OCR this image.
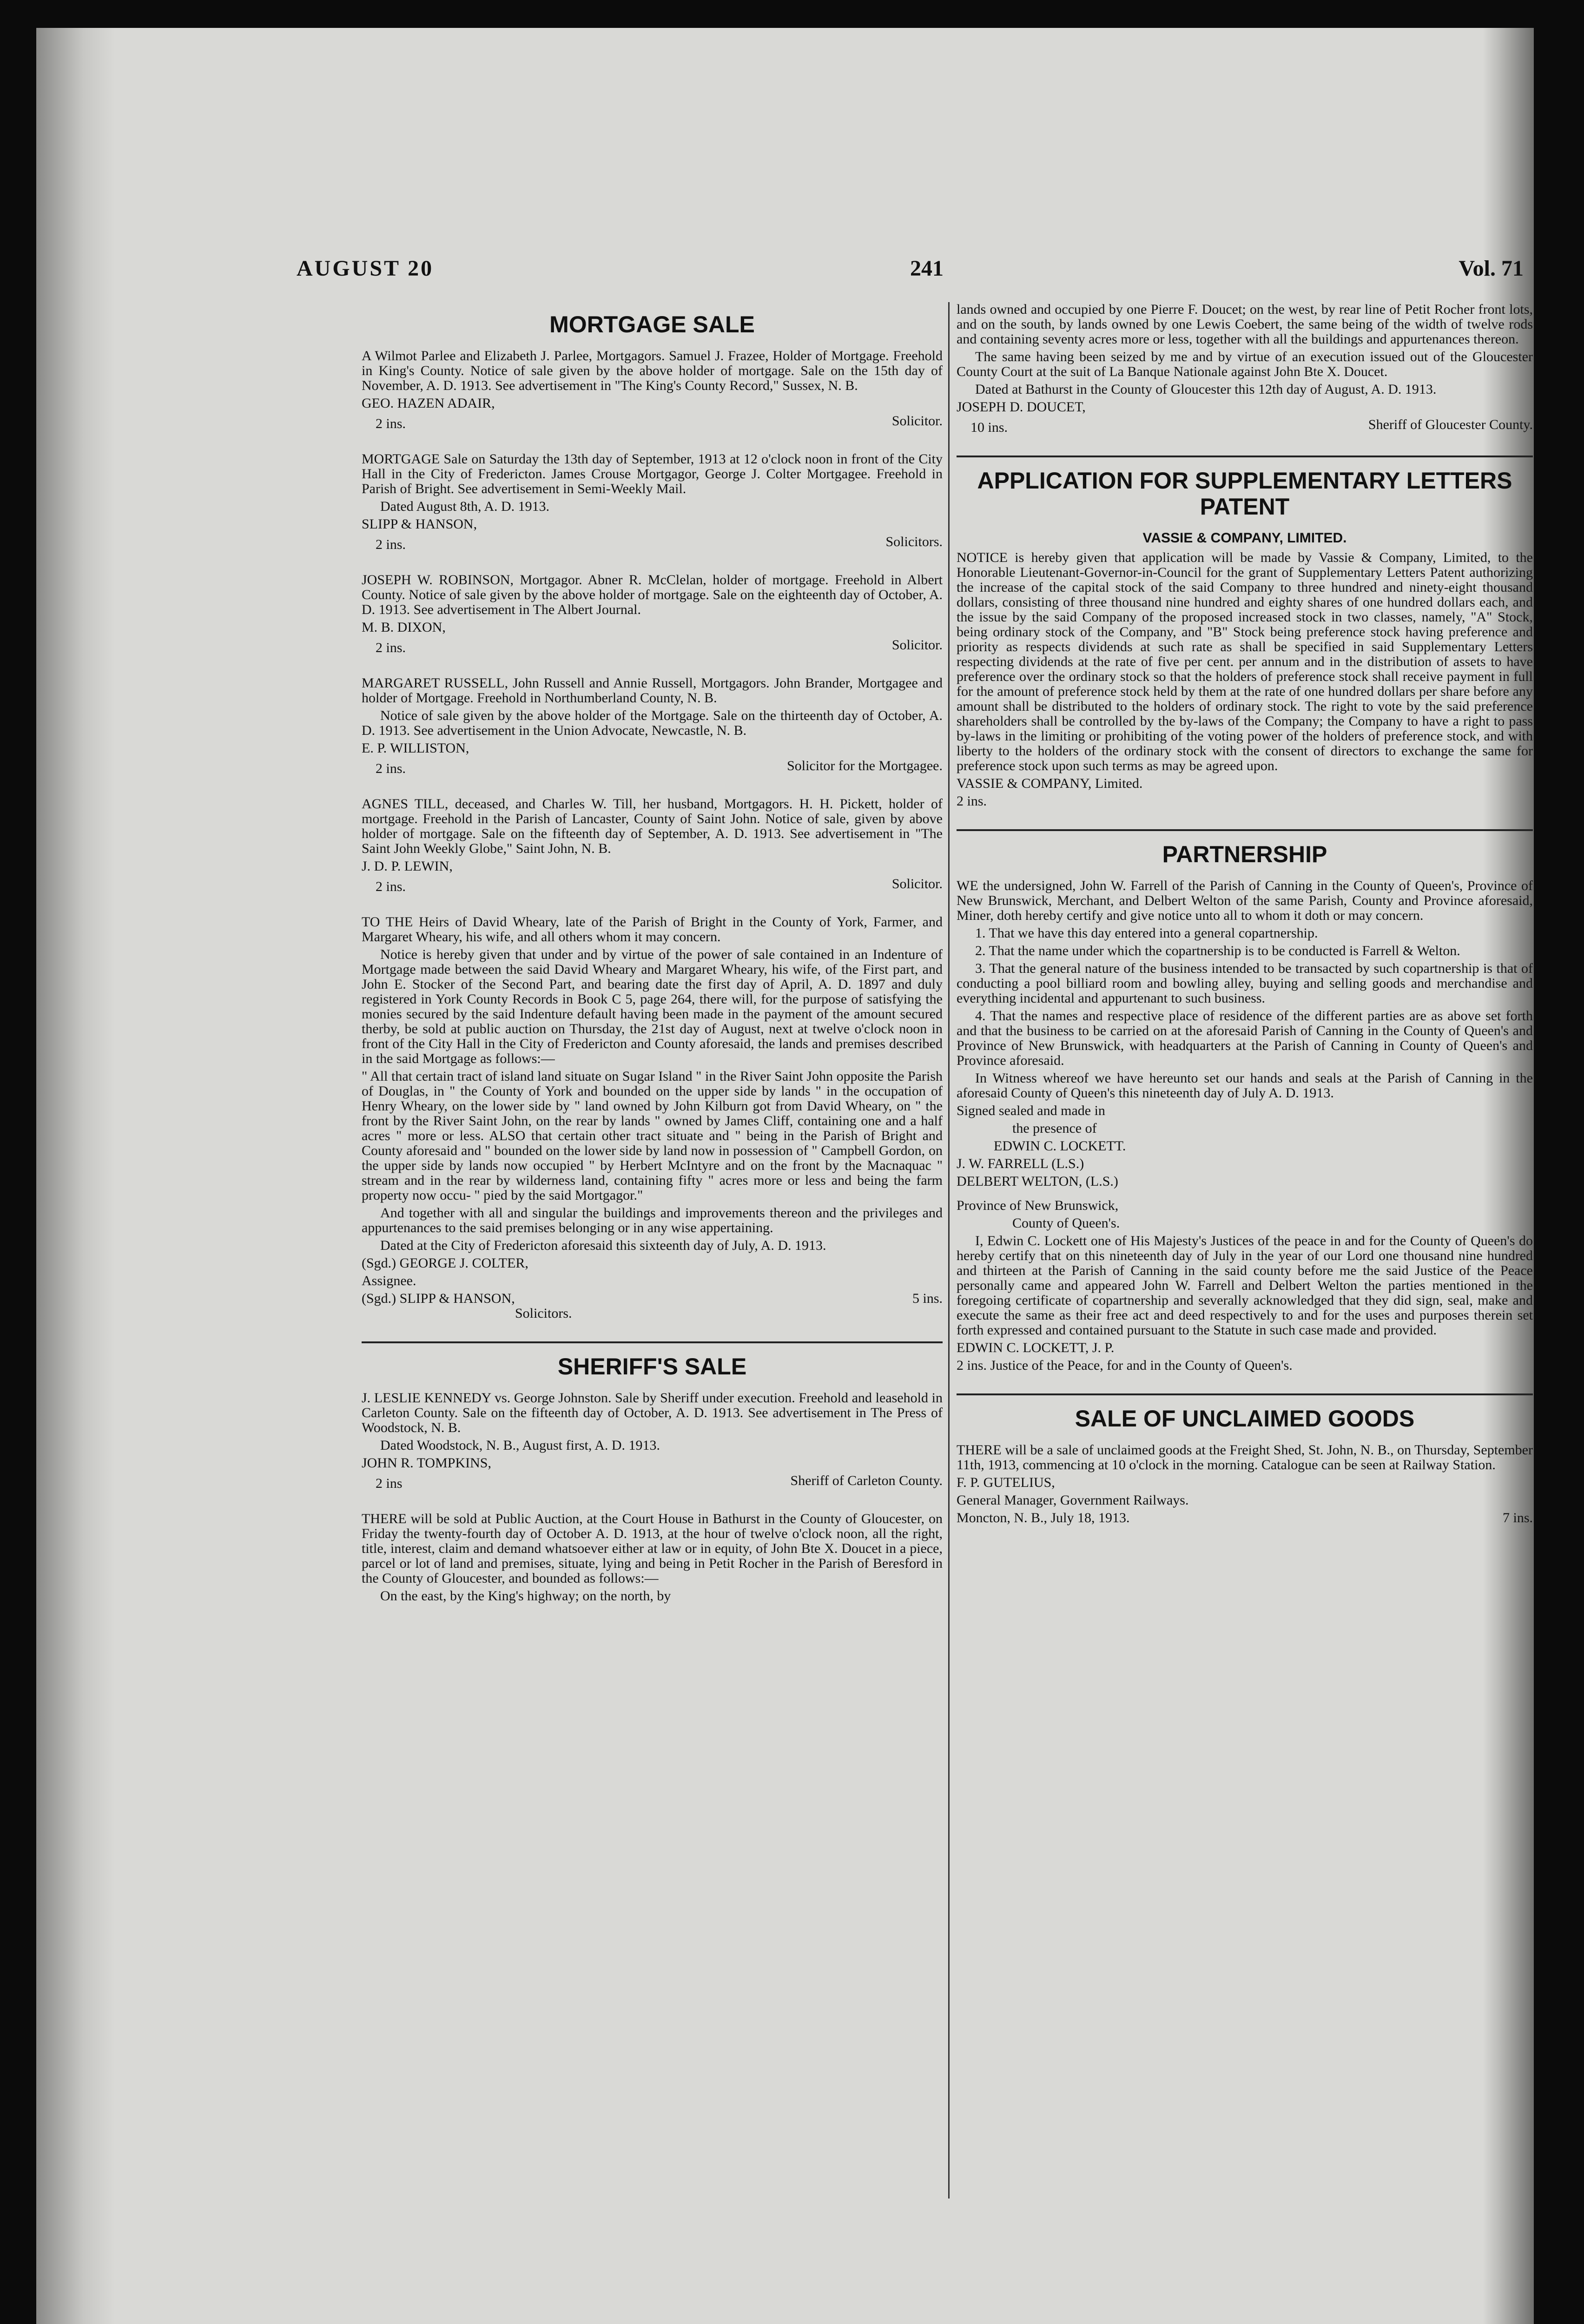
AUGUST 20	241	Vol. 71
MORTGAGE SALE

A Wilmot Parlee and Elizabeth J. Parlee, Mortgagors. Samuel J. Frazee, Holder of Mortgage. Freehold in King's County. Notice of sale given by the above holder of mortgage. Sale on the 15th day of November, A. D. 1913. See advertisement in "The King's County Record," Sussex, N. B.

GEO. HAZEN ADAIR,

2 ins.	Solicitor.

MORTGAGE Sale on Saturday the 13th day of September, 1913 at 12 o'clock noon in front of the City Hall in the City of Fredericton. James Crouse Mortgagor, George J. Colter Mortgagee. Freehold in Parish of Bright. See advertisement in Semi-Weekly Mail.

Dated August 8th, A. D. 1913.

SLIPP & HANSON,

2 ins.	Solicitors.

JOSEPH W. ROBINSON, Mortgagor. Abner R. McClelan, holder of mortgage. Freehold in Albert County. Notice of sale given by the above holder of mortgage. Sale on the eighteenth day of October, A. D. 1913. See advertisement in The Albert Journal.

M. B. DIXON,

2 ins.	Solicitor.

MARGARET RUSSELL, John Russell and Annie Russell, Mortgagors. John Brander, Mortgagee and holder of Mortgage. Freehold in Northumberland County, N. B.

Notice of sale given by the above holder of the Mortgage. Sale on the thirteenth day of October, A. D. 1913. See advertisement in the Union Advocate, Newcastle, N. B.

E. P. WILLISTON,

2 ins.	Solicitor for the Mortgagee.

AGNES TILL, deceased, and Charles W. Till, her husband, Mortgagors. H. H. Pickett, holder of mortgage. Freehold in the Parish of Lancaster, County of Saint John. Notice of sale, given by above holder of mortgage. Sale on the fifteenth day of September, A. D. 1913. See advertisement in "The Saint John Weekly Globe," Saint John, N. B.

J. D. P. LEWIN,

2 ins.	Solicitor.

TO THE Heirs of David Wheary, late of the Parish of Bright in the County of York, Farmer, and Margaret Wheary, his wife, and all others whom it may concern.

Notice is hereby given that under and by virtue of the power of sale contained in an Indenture of Mortgage made between the said David Wheary and Margaret Wheary, his wife, of the First part, and John E. Stocker of the Second Part, and bearing date the first day of April, A. D. 1897 and duly registered in York County Records in Book C 5, page 264, there will, for the purpose of satisfying the monies secured by the said Indenture default having been made in the payment of the amount secured therby, be sold at public auction on Thursday, the 21st day of August, next at twelve o'clock noon in front of the City Hall in the City of Fredericton and County aforesaid, the lands and premises described in the said Mortgage as follows:—

" All that certain tract of island land situate on Sugar Island " in the River Saint John opposite the Parish of Douglas, in " the County of York and bounded on the upper side by lands " in the occupation of Henry Wheary, on the lower side by " land owned by John Kilburn got from David Wheary, on " the front by the River Saint John, on the rear by lands " owned by James Cliff, containing one and a half acres " more or less. ALSO that certain other tract situate and " being in the Parish of Bright and County aforesaid and " bounded on the lower side by land now in possession of " Campbell Gordon, on the upper side by lands now occupied " by Herbert McIntyre and on the front by the Macnaquac " stream and in the rear by wilderness land, containing fifty " acres more or less and being the farm property now occu- " pied by the said Mortgagor."

And together with all and singular the buildings and improvements thereon and the privileges and appurtenances to the said premises belonging or in any wise appertaining.

Dated at the City of Fredericton aforesaid this sixteenth day of July, A. D. 1913.

(Sgd.) GEORGE J. COLTER,

Assignee.

(Sgd.) SLIPP & HANSON,	5 ins.

Solicitors.

SHERIFF'S SALE

J. LESLIE KENNEDY vs. George Johnston. Sale by Sheriff under execution. Freehold and leasehold in Carleton County. Sale on the fifteenth day of October, A. D. 1913. See advertisement in The Press of Woodstock, N. B.

Dated Woodstock, N. B., August first, A. D. 1913.

JOHN R. TOMPKINS,

2 ins	Sheriff of Carleton County.

THERE will be sold at Public Auction, at the Court House in Bathurst in the County of Gloucester, on Friday the twenty-fourth day of October A. D. 1913, at the hour of twelve o'clock noon, all the right, title, interest, claim and demand whatsoever either at law or in equity, of John Bte X. Doucet in a piece, parcel or lot of land and premises, situate, lying and being in Petit Rocher in the Parish of Beresford in the County of Gloucester, and bounded as follows:—

On the east, by the King's highway; on the north, by

lands owned and occupied by one Pierre F. Doucet; on the west, by rear line of Petit Rocher front lots, and on the south, by lands owned by one Lewis Coebert, the same being of the width of twelve rods and containing seventy acres more or less, together with all the buildings and appurtenances thereon.

The same having been seized by me and by virtue of an execution issued out of the Gloucester County Court at the suit of La Banque Nationale against John Bte X. Doucet.

Dated at Bathurst in the County of Gloucester this 12th day of August, A. D. 1913.

JOSEPH D. DOUCET,

10 ins.	Sheriff of Gloucester County.
APPLICATION FOR SUPPLEMENTARY LETTERS PATENT
VASSIE & COMPANY, LIMITED.

NOTICE is hereby given that application will be made by Vassie & Company, Limited, to the Honorable Lieutenant-Governor-in-Council for the grant of Supplementary Letters Patent authorizing the increase of the capital stock of the said Company to three hundred and ninety-eight thousand dollars, consisting of three thousand nine hundred and eighty shares of one hundred dollars each, and the issue by the said Company of the proposed increased stock in two classes, namely, "A" Stock, being ordinary stock of the Company, and "B" Stock being preference stock having preference and priority as respects dividends at such rate as shall be specified in said Supplementary Letters respecting dividends at the rate of five per cent. per annum and in the distribution of assets to have preference over the ordinary stock so that the holders of preference stock shall receive payment in full for the amount of preference stock held by them at the rate of one hundred dollars per share before any amount shall be distributed to the holders of ordinary stock. The right to vote by the said preference shareholders shall be controlled by the by-laws of the Company; the Company to have a right to pass by-laws in the limiting or prohibiting of the voting power of the holders of preference stock, and with liberty to the holders of the ordinary stock with the consent of directors to exchange the same for preference stock upon such terms as may be agreed upon.

VASSIE & COMPANY, Limited.

2 ins.

PARTNERSHIP

WE the undersigned, John W. Farrell of the Parish of Canning in the County of Queen's, Province of New Brunswick, Merchant, and Delbert Welton of the same Parish, County and Province aforesaid, Miner, doth hereby certify and give notice unto all to whom it doth or may concern.

1. That we have this day entered into a general copartnership.

2. That the name under which the copartnership is to be conducted is Farrell & Welton.

3. That the general nature of the business intended to be transacted by such copartnership is that of conducting a pool billiard room and bowling alley, buying and selling goods and merchandise and everything incidental and appurtenant to such business.

4. That the names and respective place of residence of the different parties are as above set forth and that the business to be carried on at the aforesaid Parish of Canning in the County of Queen's and Province of New Brunswick, with headquarters at the Parish of Canning in County of Queen's and Province aforesaid.

In Witness whereof we have hereunto set our hands and seals at the Parish of Canning in the aforesaid County of Queen's this nineteenth day of July A. D. 1913.

Signed sealed and made in

the presence of

EDWIN C. LOCKETT.

J. W. FARRELL (L.S.)

DELBERT WELTON, (L.S.)

Province of New Brunswick,

County of Queen's.

I, Edwin C. Lockett one of His Majesty's Justices of the peace in and for the County of Queen's do hereby certify that on this nineteenth day of July in the year of our Lord one thousand nine hundred and thirteen at the Parish of Canning in the said county before me the said Justice of the Peace personally came and appeared John W. Farrell and Delbert Welton the parties mentioned in the foregoing certificate of copartnership and severally acknowledged that they did sign, seal, make and execute the same as their free act and deed respectively to and for the uses and purposes therein set forth expressed and contained pursuant to the Statute in such case made and provided.

EDWIN C. LOCKETT, J. P.

2 ins. Justice of the Peace, for and in the County of Queen's.

SALE OF UNCLAIMED GOODS

THERE will be a sale of unclaimed goods at the Freight Shed, St. John, N. B., on Thursday, September 11th, 1913, commencing at 10 o'clock in the morning. Catalogue can be seen at Railway Station.

F. P. GUTELIUS,

General Manager, Government Railways.

Moncton, N. B., July 18, 1913.	7 ins.
